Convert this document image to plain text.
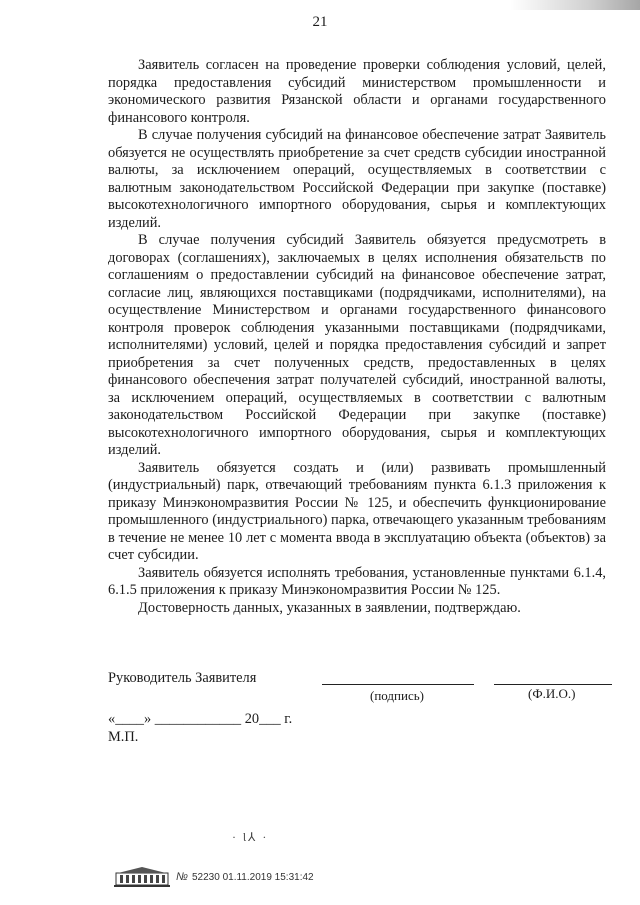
21

Заявитель согласен на проведение проверки соблюдения условий, целей, порядка предоставления субсидий министерством промышленности и экономического развития Рязанской области и органами государственного финансового контроля.

В случае получения субсидий на финансовое обеспечение затрат Заявитель обязуется не осуществлять приобретение за счет средств субсидии иностранной валюты, за исключением операций, осуществляемых в соответствии с валютным законодательством Российской Федерации при закупке (поставке) высокотехнологичного импортного оборудования, сырья и комплектующих изделий.

В случае получения субсидий Заявитель обязуется предусмотреть в договорах (соглашениях), заключаемых в целях исполнения обязательств по соглашениям о предоставлении субсидий на финансовое обеспечение затрат, согласие лиц, являющихся поставщиками (подрядчиками, исполнителями), на осуществление Министерством и органами государственного финансового контроля проверок соблюдения указанными поставщиками (подрядчиками, исполнителями) условий, целей и порядка предоставления субсидий и запрет приобретения за счет полученных средств, предоставленных в целях финансового обеспечения затрат получателей субсидий, иностранной валюты, за исключением операций, осуществляемых в соответствии с валютным законодательством Российской Федерации при закупке (поставке) высокотехнологичного импортного оборудования, сырья и комплектующих изделий.

Заявитель обязуется создать и (или) развивать промышленный (индустриальный) парк, отвечающий требованиям пункта 6.1.3 приложения к приказу Минэкономразвития России № 125, и обеспечить функционирование промышленного (индустриального) парка, отвечающего указанным требованиям в течение не менее 10 лет с момента ввода в эксплуатацию объекта (объектов) за счет субсидии.

Заявитель обязуется исполнять требования, установленные пунктами 6.1.4, 6.1.5 приложения к приказу Минэкономразвития России № 125.

Достоверность данных, указанных в заявлении, подтверждаю.

Руководитель Заявителя
(подпись)	(Ф.И.О.)
«____» ____________ 20___ г.
М.П.
· Ɩ⅄ ·
№ 52230 01.11.2019 15:31:42
